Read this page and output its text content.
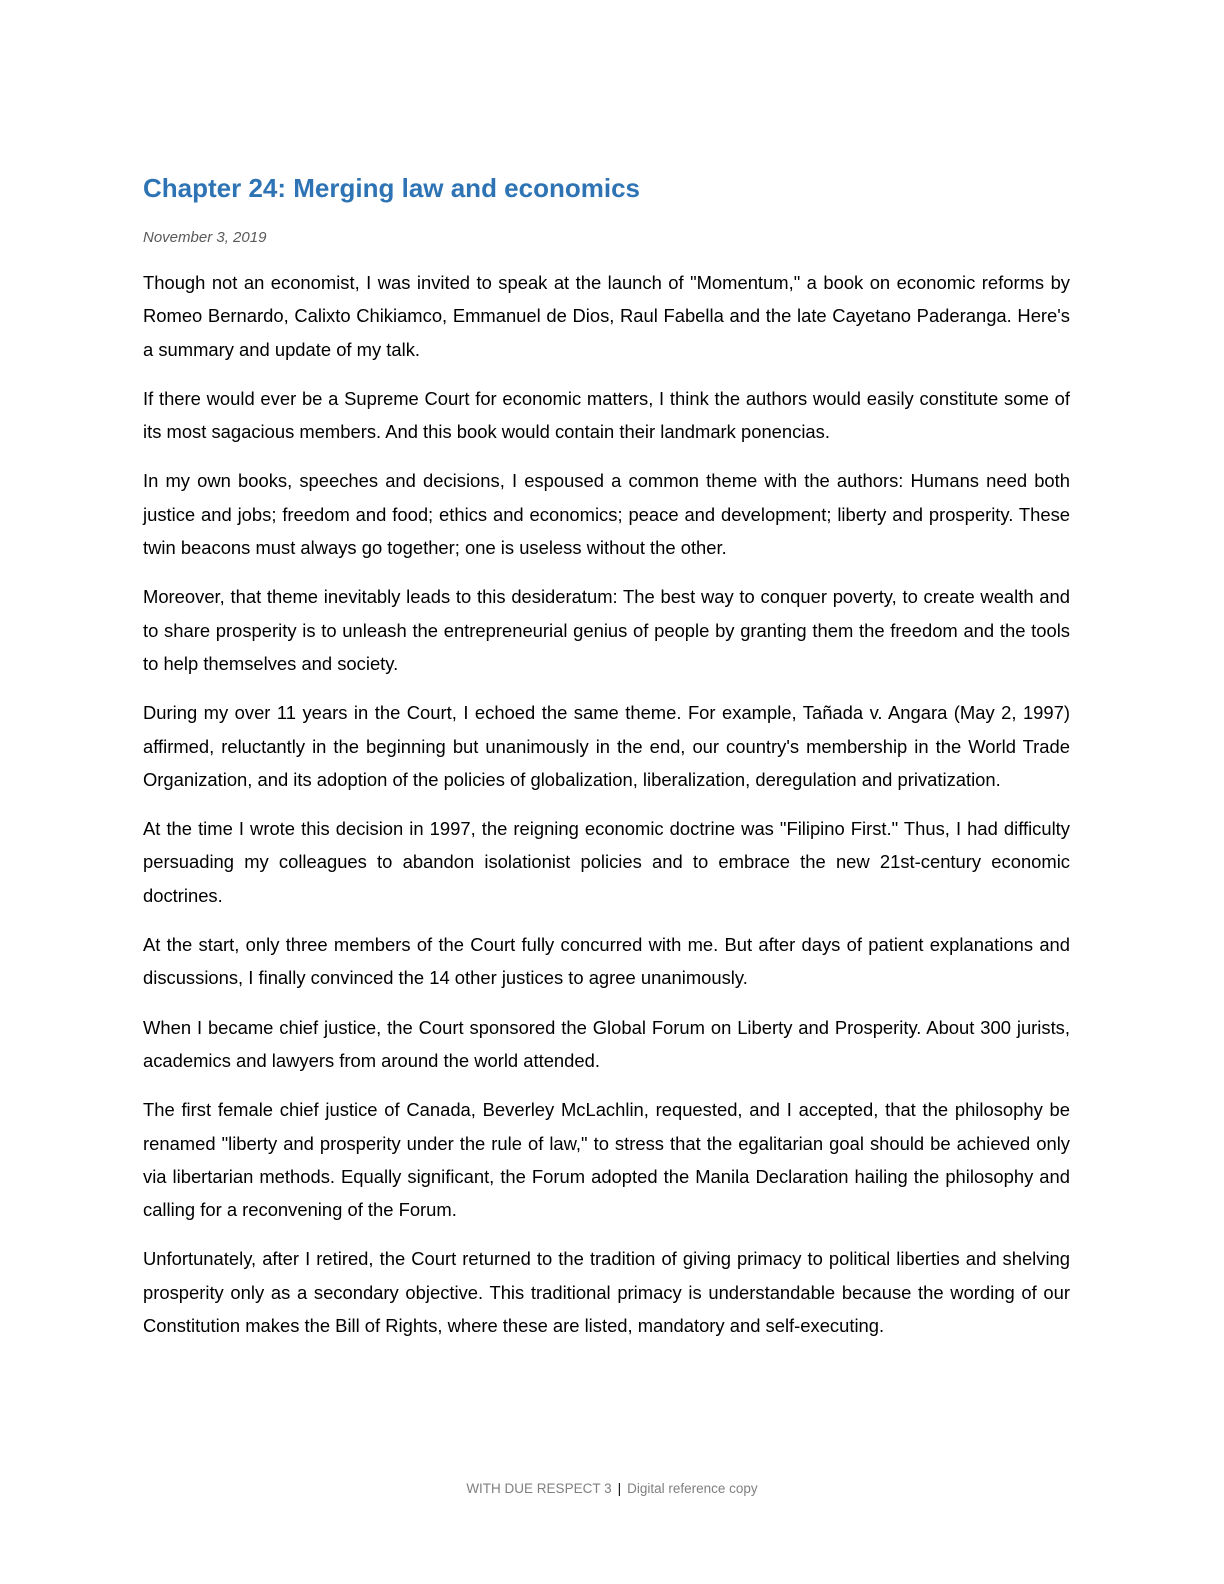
Chapter 24: Merging law and economics
November 3, 2019

Though not an economist, I was invited to speak at the launch of "Momentum," a book on economic reforms by Romeo Bernardo, Calixto Chikiamco, Emmanuel de Dios, Raul Fabella and the late Cayetano Paderanga. Here's a summary and update of my talk.

If there would ever be a Supreme Court for economic matters, I think the authors would easily constitute some of its most sagacious members. And this book would contain their landmark ponencias.

In my own books, speeches and decisions, I espoused a common theme with the authors: Humans need both justice and jobs; freedom and food; ethics and economics; peace and development; liberty and prosperity. These twin beacons must always go together; one is useless without the other.

Moreover, that theme inevitably leads to this desideratum: The best way to conquer poverty, to create wealth and to share prosperity is to unleash the entrepreneurial genius of people by granting them the freedom and the tools to help themselves and society.

During my over 11 years in the Court, I echoed the same theme. For example, Tañada v. Angara (May 2, 1997) affirmed, reluctantly in the beginning but unanimously in the end, our country's membership in the World Trade Organization, and its adoption of the policies of globalization, liberalization, deregulation and privatization.

At the time I wrote this decision in 1997, the reigning economic doctrine was "Filipino First." Thus, I had difficulty persuading my colleagues to abandon isolationist policies and to embrace the new 21st-century economic doctrines.

At the start, only three members of the Court fully concurred with me. But after days of patient explanations and discussions, I finally convinced the 14 other justices to agree unanimously.

When I became chief justice, the Court sponsored the Global Forum on Liberty and Prosperity. About 300 jurists, academics and lawyers from around the world attended.

The first female chief justice of Canada, Beverley McLachlin, requested, and I accepted, that the philosophy be renamed "liberty and prosperity under the rule of law," to stress that the egalitarian goal should be achieved only via libertarian methods. Equally significant, the Forum adopted the Manila Declaration hailing the philosophy and calling for a reconvening of the Forum.

Unfortunately, after I retired, the Court returned to the tradition of giving primacy to political liberties and shelving prosperity only as a secondary objective. This traditional primacy is understandable because the wording of our Constitution makes the Bill of Rights, where these are listed, mandatory and self-executing.

WITH DUE RESPECT 3 | Digital reference copy
